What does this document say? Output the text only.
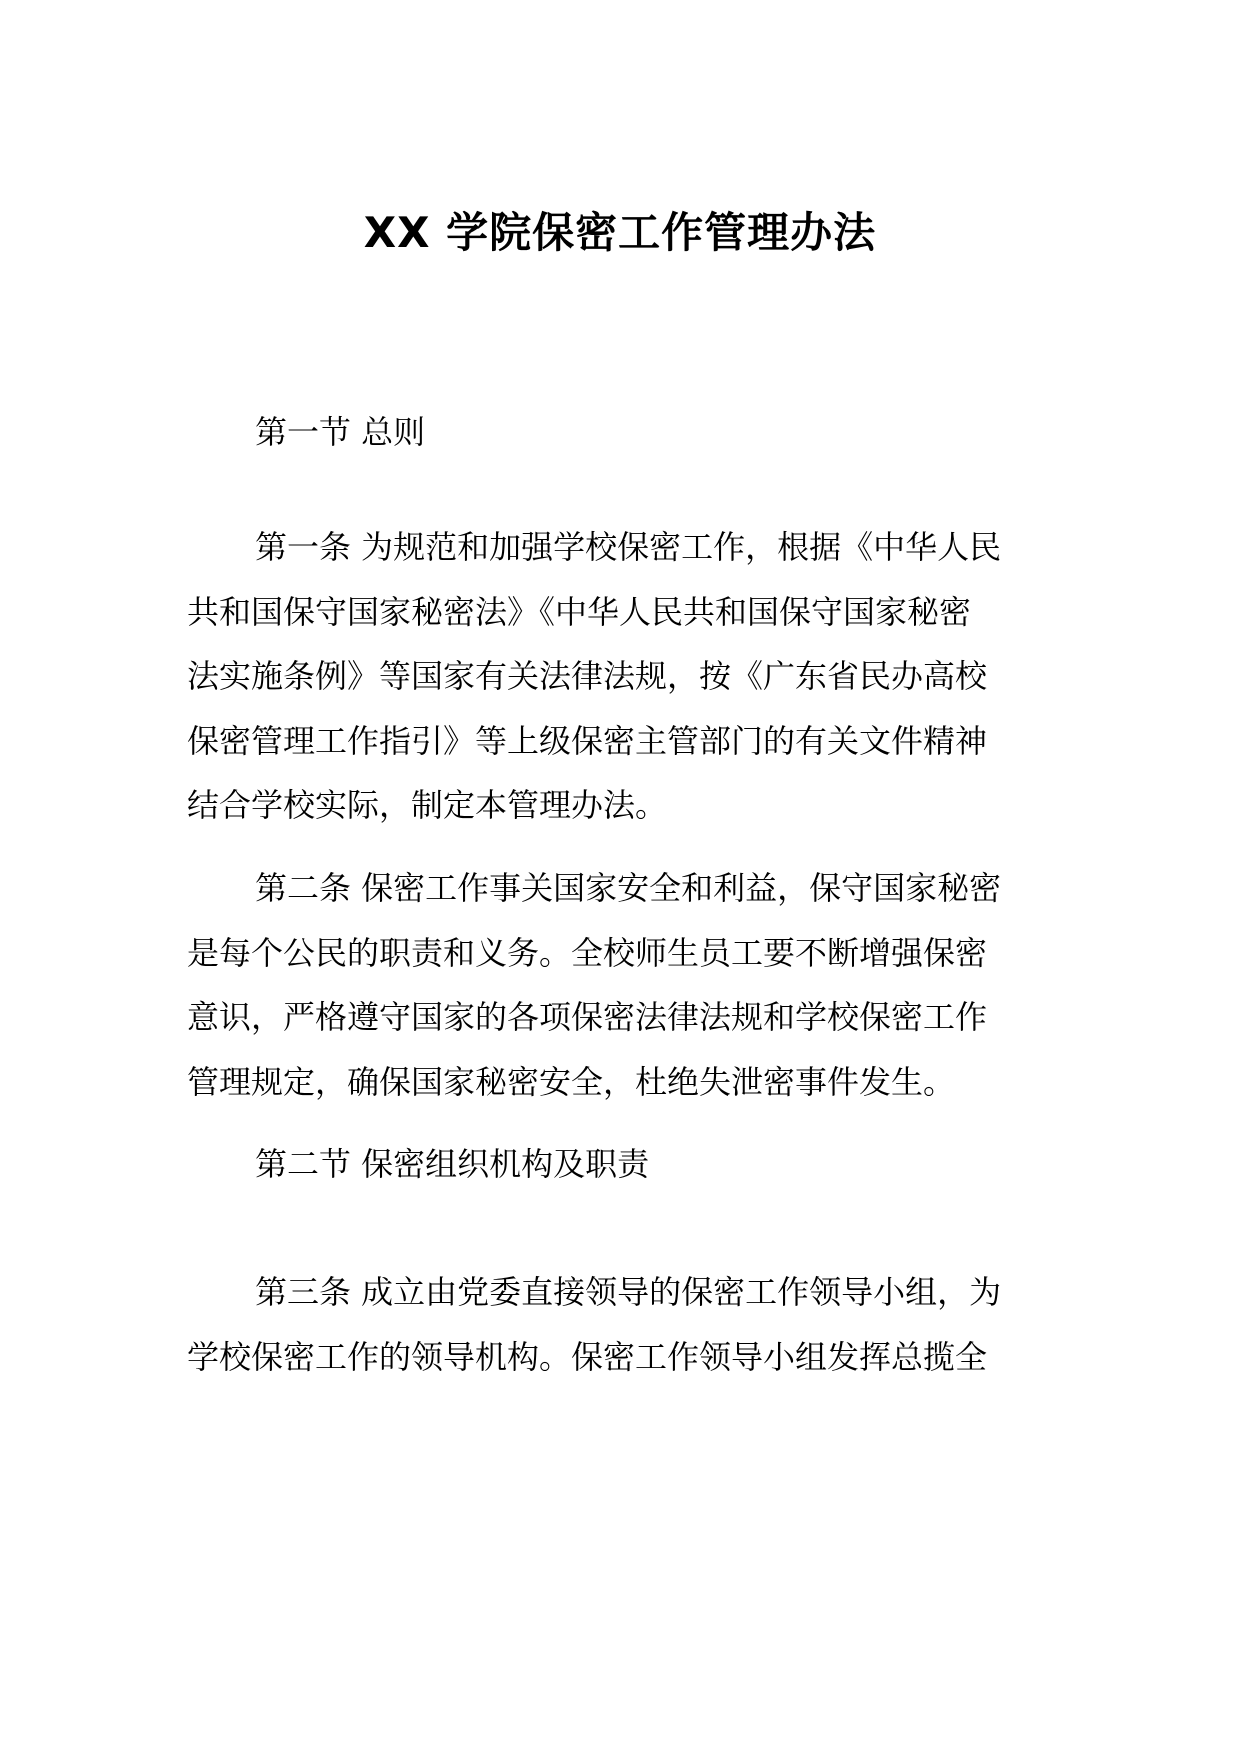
XX 学院保密工作管理办法
第一节 总则
第一条 为规范和加强学校保密工作，根据《中华人民
共和国保守国家秘密法》《中华人民共和国保守国家秘密
法实施条例》等国家有关法律法规，按《广东省民办高校
保密管理工作指引》等上级保密主管部门的有关文件精神
结合学校实际，制定本管理办法。
第二条 保密工作事关国家安全和利益，保守国家秘密
是每个公民的职责和义务。全校师生员工要不断增强保密
意识，严格遵守国家的各项保密法律法规和学校保密工作
管理规定，确保国家秘密安全，杜绝失泄密事件发生。
第二节 保密组织机构及职责
第三条 成立由党委直接领导的保密工作领导小组，为
学校保密工作的领导机构。保密工作领导小组发挥总揽全
